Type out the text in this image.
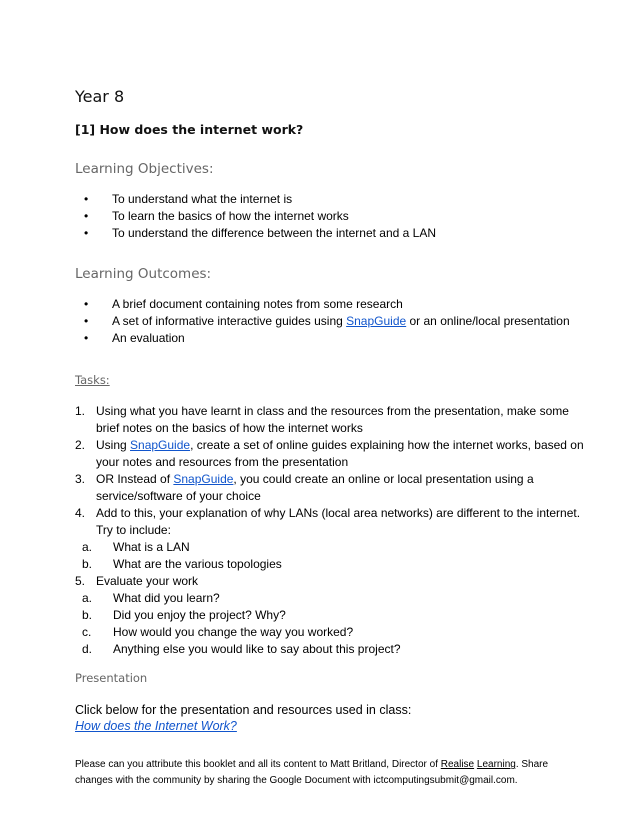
Year 8
[1] How does the internet work?
Learning Objectives:
• To understand what the internet is
• To learn the basics of how the internet works
• To understand the difference between the internet and a LAN
Learning Outcomes:
• A brief document containing notes from some research
• A set of informative interactive guides using SnapGuide or an online/local presentation
• An evaluation
Tasks:
1. Using what you have learnt in class and the resources from the presentation, make some
brief notes on the basics of how the internet works
2. Using SnapGuide, create a set of online guides explaining how the internet works, based on
your notes and resources from the presentation
3. OR Instead of SnapGuide, you could create an online or local presentation using a
service/software of your choice
4. Add to this, your explanation of why LANs (local area networks) are different to the internet.
Try to include:
a. What is a LAN
b. What are the various topologies
5. Evaluate your work
a. What did you learn?
b. Did you enjoy the project? Why?
c. How would you change the way you worked?
d. Anything else you would like to say about this project?
Presentation
Click below for the presentation and resources used in class:
How does the Internet Work?
Please can you attribute this booklet and all its content to Matt Britland, Director of Realise Learning. Share changes with the community by sharing the Google Document with ictcomputingsubmit@gmail.com.
